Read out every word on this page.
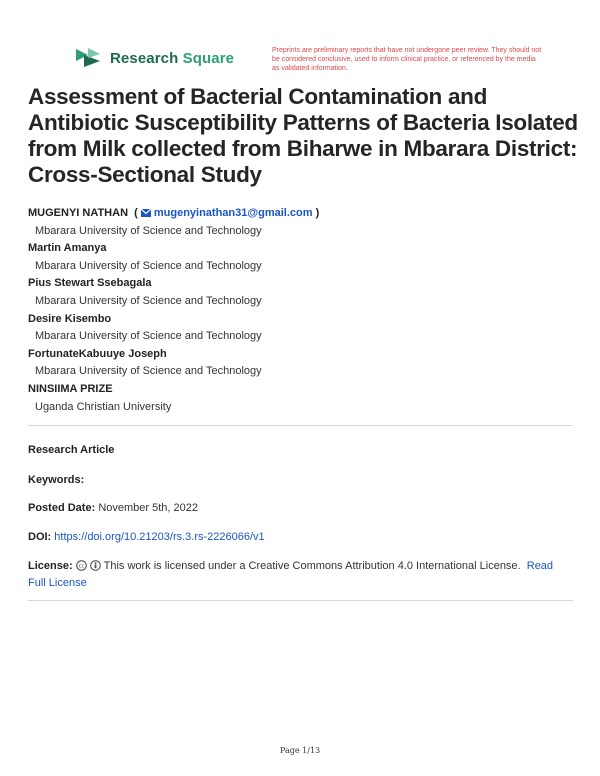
Research Square	Preprints are preliminary reports that have not undergone peer review. They should not be considered conclusive, used to inform clinical practice, or referenced by the media as validated information.
Assessment of Bacterial Contamination and Antibiotic Susceptibility Patterns of Bacteria Isolated from Milk collected from Biharwe in Mbarara District: Cross-Sectional Study
MUGENYI NATHAN  ( mugenyinathan31@gmail.com )
Mbarara University of Science and Technology
Martin Amanya
Mbarara University of Science and Technology
Pius Stewart Ssebagala
Mbarara University of Science and Technology
Desire Kisembo
Mbarara University of Science and Technology
FortunateKabuuye Joseph
Mbarara University of Science and Technology
NINSIIMA PRIZE
Uganda Christian University
Research Article
Keywords:
Posted Date: November 5th, 2022
DOI: https://doi.org/10.21203/rs.3.rs-2226066/v1
License: cc This work is licensed under a Creative Commons Attribution 4.0 International License. Read Full License
Page 1/13
